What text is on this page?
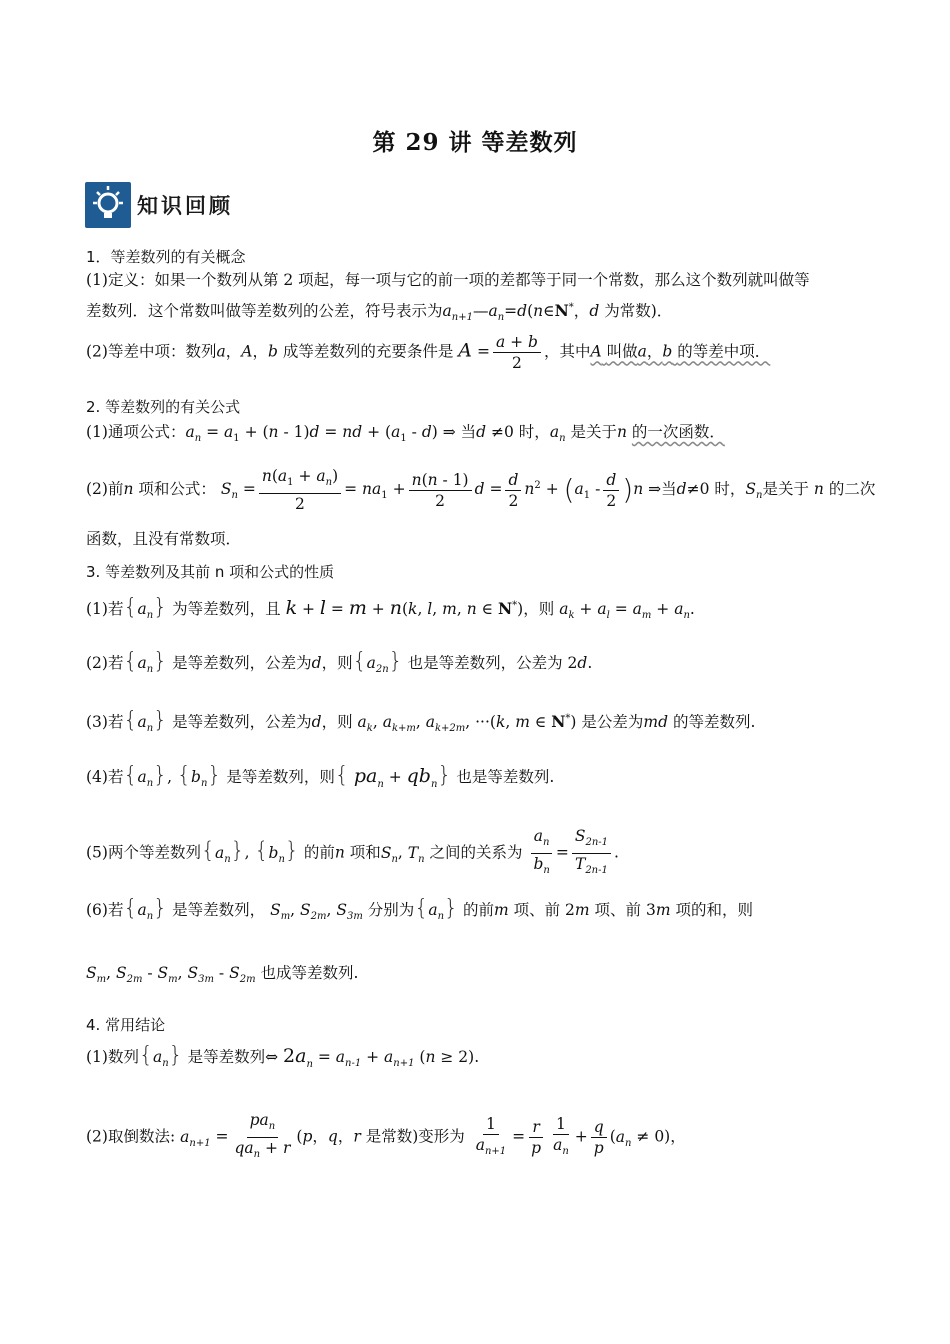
第 29 讲 等差数列
知识回顾
1．等差数列的有关概念
(1)定义：如果一个数列从第 2 项起，每一项与它的前一项的差都等于同一个常数，那么这个数列就叫做等
差数列．这个常数叫做等差数列的公差，符号表示为$a_{n+1}—a_n=d(n\in N^*$，d 为常数)．
(2)等差中项：数列a，A，b 成等差数列的充要条件是 $A = \frac{a + b}{2}$ ，其中A 叫做a，b 的等差中项．
2. 等差数列的有关公式
(1)通项公式：$a_n = a_1 + (n - 1)d$ = nd + $(a_1 - d)$ ⇒ 当d ≠0 时，$a_n$ 是关于n 的一次函数．
(2)前n 项和公式： $S_n = \frac{n(a_1 + a_n)}{2} = na_1 + \frac{n(n - 1)}{2}$ $d = \frac{d}{2} n^2 + (a_1 - \frac{d}{2} )n$ ⇒当d≠0 时，$S_n$是关于 n 的二次
函数，且没有常数项．
3. 等差数列及其前 n 项和公式的性质
(1)若$\{a_n\}$ 为等差数列，且 k + l = m + n(k, l, m, n ∈ N*)，则 $a_k + a_l = a_m + a_n$.
(2)若$\{a_n\}$ 是等差数列，公差为d，则$\{a_{2n}\}$ 也是等差数列，公差为 2d.
(3)若$\{a_n\}$ 是等差数列，公差为d，则 $a_k$, $a_{k+m}$, $a_{k+2m}$, ···(k, m ∈ N*) 是公差为md 的等差数列.
(4)若$\{a_n\}$, $\{b_n\}$ 是等差数列，则{ $pa_n + qb_n$} 也是等差数列.
(5)两个等差数列$\{a_n\}$, $\{b_n\}$ 的前n 项和$S_n$, $T_n$ 之间的关系为 $\frac{a_n}{b_n} = \frac{S_{2n-1}}{T_{2n-1}}$ .
(6)若$\{a_n\}$ 是等差数列， $S_m$, $S_{2m}$, $S_{3m}$ 分别为$\{a_n\}$ 的前m 项、前 2m 项、前 3m 项的和，则
$S_m$, $S_{2m} - S_m$, $S_{3m} - S_{2m}$ 也成等差数列.
4. 常用结论
(1)数列$\{a_n\}$ 是等差数列⇔ $2a_n = a_{n-1} + a_{n+1}$ (n ≥ 2).
(2)取倒数法: $a_{n+1} = \frac{pa_n}{qa_n + r} (p$，q，r 是常数)变形为 $\frac{1}{a_{n+1}} = \frac{r}{p} \frac{1}{a_n} + \frac{q}{p} (a_n \ne 0)$，
